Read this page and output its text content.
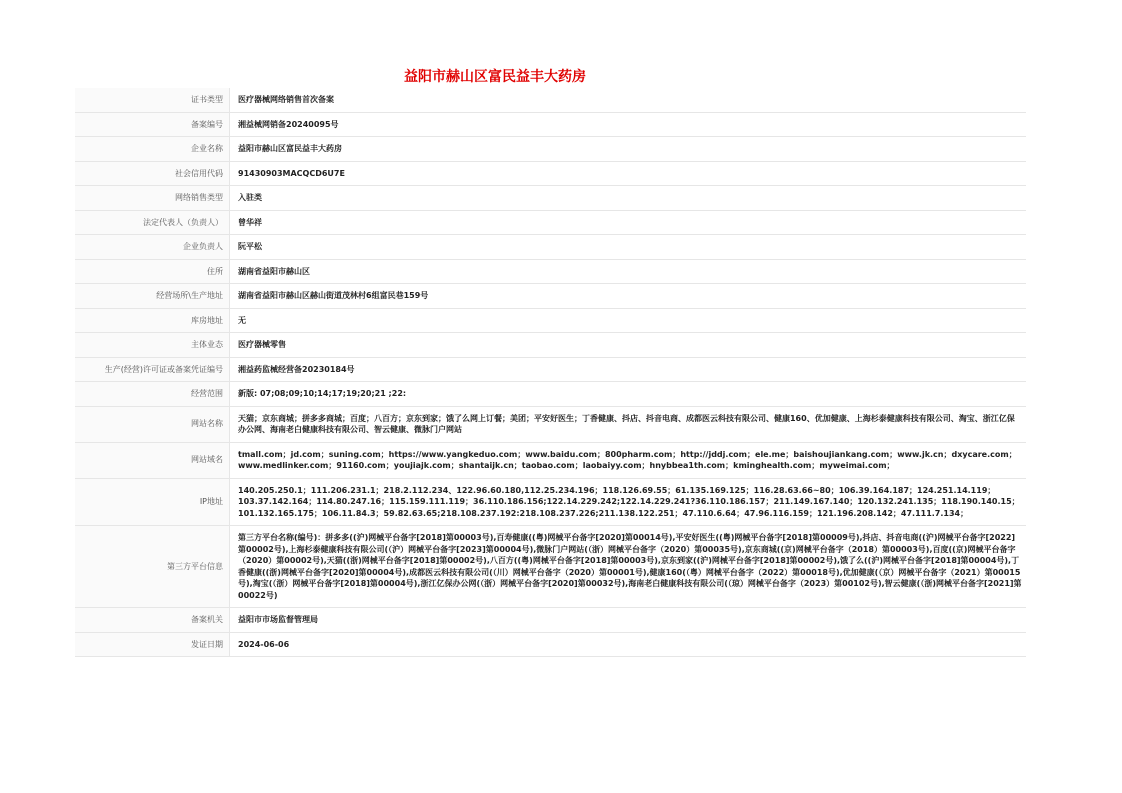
益阳市赫山区富民益丰大药房
证书类型	医疗器械网络销售首次备案
备案编号	湘益械网销备20240095号
企业名称	益阳市赫山区富民益丰大药房
社会信用代码	91430903MACQCD6U7E
网络销售类型	入驻类
法定代表人（负责人）	曾华祥
企业负责人	阮平松
住所	湖南省益阳市赫山区
经营场所\生产地址	湖南省益阳市赫山区赫山街道茂林村6组富民巷159号
库房地址	无
主体业态	医疗器械零售
生产(经营)许可证或备案凭证编号	湘益药监械经营备20230184号
经营范围	新版: 07;08;09;10;14;17;19;20;21 ;22:
网站名称	天猫；京东商城；拼多多商城；百度；八百方；京东到家；饿了么网上订餐；美团；平安好医生；丁香健康、抖店、抖音电商、成都医云科技有限公司、健康160、优加健康、上海杉泰健康科技有限公司、淘宝、浙江亿保办公网、海南老白健康科技有限公司、智云健康、微脉门户网站
网站域名	tmall.com；jd.com；suning.com；https://www.yangkeduo.com；www.baidu.com；800pharm.com；http://jddj.com；ele.me；baishoujiankang.com；www.jk.cn；dxycare.com；www.medlinker.com；91160.com；youjiajk.com；shantaijk.cn；taobao.com；laobaiyy.com；hnybbea1th.com；kminghealth.com；myweimai.com；
IP地址	140.205.250.1；111.206.231.1；218.2.112.234、122.96.60.180,112.25.234.196；118.126.69.55；61.135.169.125；116.28.63.66~80；106.39.164.187；124.251.14.119；103.37.142.164；114.80.247.16；115.159.111.119；36.110.186.156;122.14.229.242;122.14.229.241?36.110.186.157；211.149.167.140；120.132.241.135；118.190.140.15；101.132.165.175；106.11.84.3；59.82.63.65;218.108.237.192:218.108.237.226;211.138.122.251；47.110.6.64；47.96.116.159；121.196.208.142；47.111.7.134；
第三方平台信息	第三方平台名称(编号)：拼多多((沪)网械平台备字[2018]第00003号),百寿健康((粤)网械平台备字[2020]第00014号),平安好医生((粤)网械平台备字[2018]第00009号),抖店、抖音电商((沪)网械平台备字[2022]第00002号),上海杉泰健康科技有限公司(（沪）网械平台备字[2023]第00004号),微脉门户网站(（浙）网械平台备字（2020）第00035号),京东商城((京)网械平台备字（2018）第00003号),百度((京)网械平台备字（2020）第00002号),天猫((浙)网械平台备字[2018]第00002号),八百方((粤)网械平台备字[2018]第00003号),京东到家((沪)网械平台备字[2018]第00002号),饿了么((沪)网械平台备字[2018]第00004号),丁香健康((浙)网械平台备字[2020]第00004号),成都医云科技有限公司(（川）网械平台备字（2020）第00001号),健康160(（粤）网械平台备字（2022）第00018号),优加健康(（京）网械平台备字（2021）第00015号),淘宝(（浙）网械平台备字[2018]第00004号),浙江亿保办公网(（浙）网械平台备字[2020]第00032号),海南老白健康科技有限公司(（琼）网械平台备字（2023）第00102号),智云健康(（浙)网械平台备字[2021]第00022号)
备案机关	益阳市市场监督管理局
发证日期	2024-06-06
